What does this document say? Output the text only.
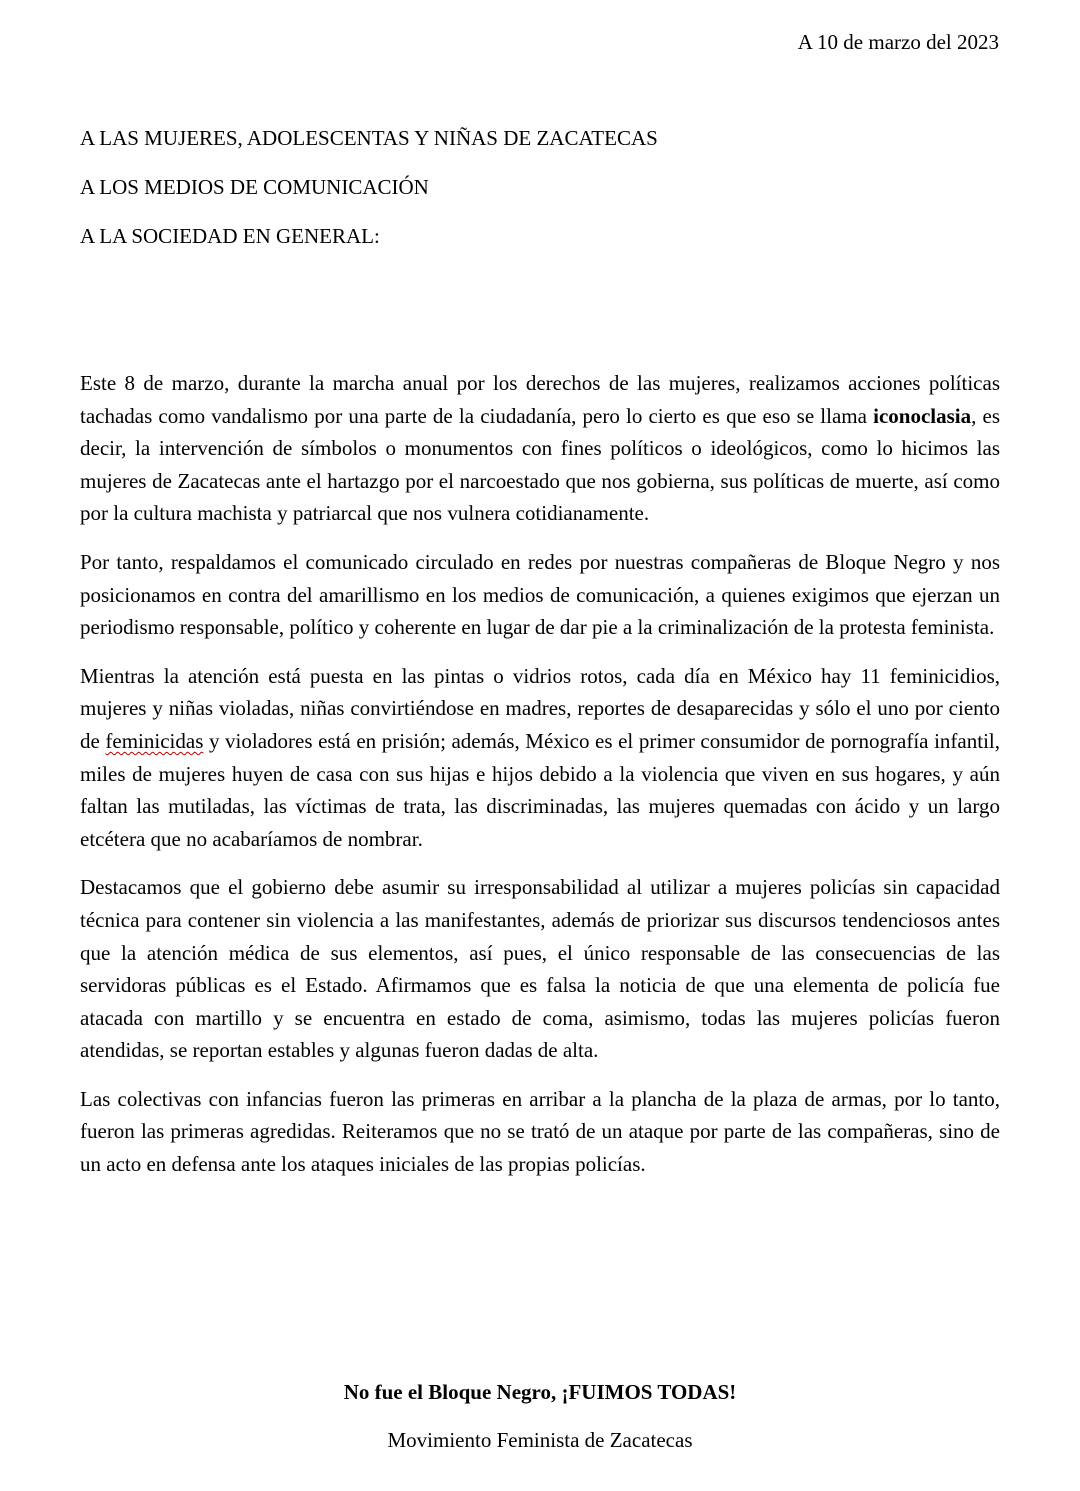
A 10 de marzo del 2023
A LAS MUJERES, ADOLESCENTAS Y NIÑAS DE ZACATECAS
A LOS MEDIOS DE COMUNICACIÓN
A LA SOCIEDAD EN GENERAL:

Este 8 de marzo, durante la marcha anual por los derechos de las mujeres, realizamos acciones políticas tachadas como vandalismo por una parte de la ciudadanía, pero lo cierto es que eso se llama iconoclasia, es decir, la intervención de símbolos o monumentos con fines políticos o ideológicos, como lo hicimos las mujeres de Zacatecas ante el hartazgo por el narcoestado que nos gobierna, sus políticas de muerte, así como por la cultura machista y patriarcal que nos vulnera cotidianamente.

Por tanto, respaldamos el comunicado circulado en redes por nuestras compañeras de Bloque Negro y nos posicionamos en contra del amarillismo en los medios de comunicación, a quienes exigimos que ejerzan un periodismo responsable, político y coherente en lugar de dar pie a la criminalización de la protesta feminista.

Mientras la atención está puesta en las pintas o vidrios rotos, cada día en México hay 11 feminicidios, mujeres y niñas violadas, niñas convirtiéndose en madres, reportes de desaparecidas y sólo el uno por ciento de feminicidas y violadores está en prisión; además, México es el primer consumidor de pornografía infantil, miles de mujeres huyen de casa con sus hijas e hijos debido a la violencia que viven en sus hogares, y aún faltan las mutiladas, las víctimas de trata, las discriminadas, las mujeres quemadas con ácido y un largo etcétera que no acabaríamos de nombrar.

Destacamos que el gobierno debe asumir su irresponsabilidad al utilizar a mujeres policías sin capacidad técnica para contener sin violencia a las manifestantes, además de priorizar sus discursos tendenciosos antes que la atención médica de sus elementos, así pues, el único responsable de las consecuencias de las servidoras públicas es el Estado. Afirmamos que es falsa la noticia de que una elementa de policía fue atacada con martillo y se encuentra en estado de coma, asimismo, todas las mujeres policías fueron atendidas, se reportan estables y algunas fueron dadas de alta.

Las colectivas con infancias fueron las primeras en arribar a la plancha de la plaza de armas, por lo tanto, fueron las primeras agredidas. Reiteramos que no se trató de un ataque por parte de las compañeras, sino de un acto en defensa ante los ataques iniciales de las propias policías.

No fue el Bloque Negro, ¡FUIMOS TODAS!
Movimiento Feminista de Zacatecas
